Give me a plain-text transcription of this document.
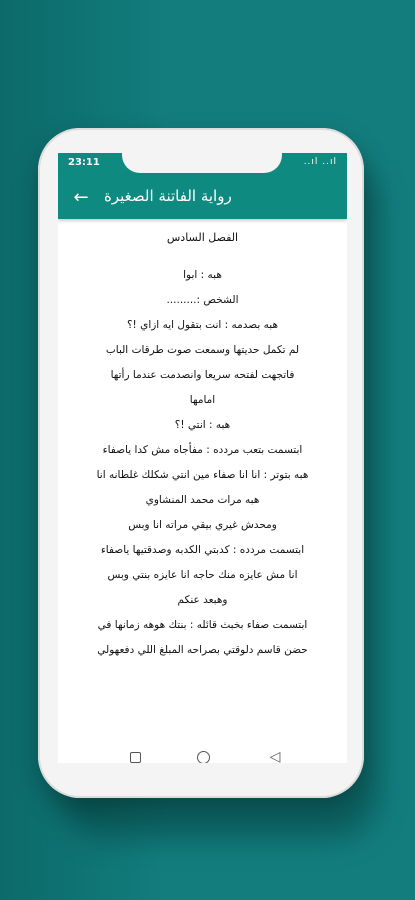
23:11	..ıl ..ıl
←	رواية الفاتنة الصغيرة
الفصل السادس
هبه : ابوا
الشخص :.........
هبه بصدمه : انت بتقول ايه ازاي !؟
لم تكمل حديتها وسمعت صوت طرقات الباب
فاتجهت لفتحه سريعا وانصدمت عندما رأتها
امامها
هبه : انتي !؟
ابتسمت بتعب مردده : مفأجاه مش كدا ياصفاء
هبه بتوتر : انا انا صفاء مين انتي شكلك غلطانه انا
هبه مرات محمد المنشاوي
ومحدش غيري بيقي مراته انا وبس
ابتسمت مردده : كدبتي الكدبه وصدقتيها ياصفاء
انا مش عايزه منك حاجه انا عايزه بنتي وبس
وهبعد عنكم
ابتسمت صفاء بخبث قائله : بنتك هوهه زمانها في
حضن قاسم دلوقتي بصراحه المبلغ اللي دفعهولي
◁
